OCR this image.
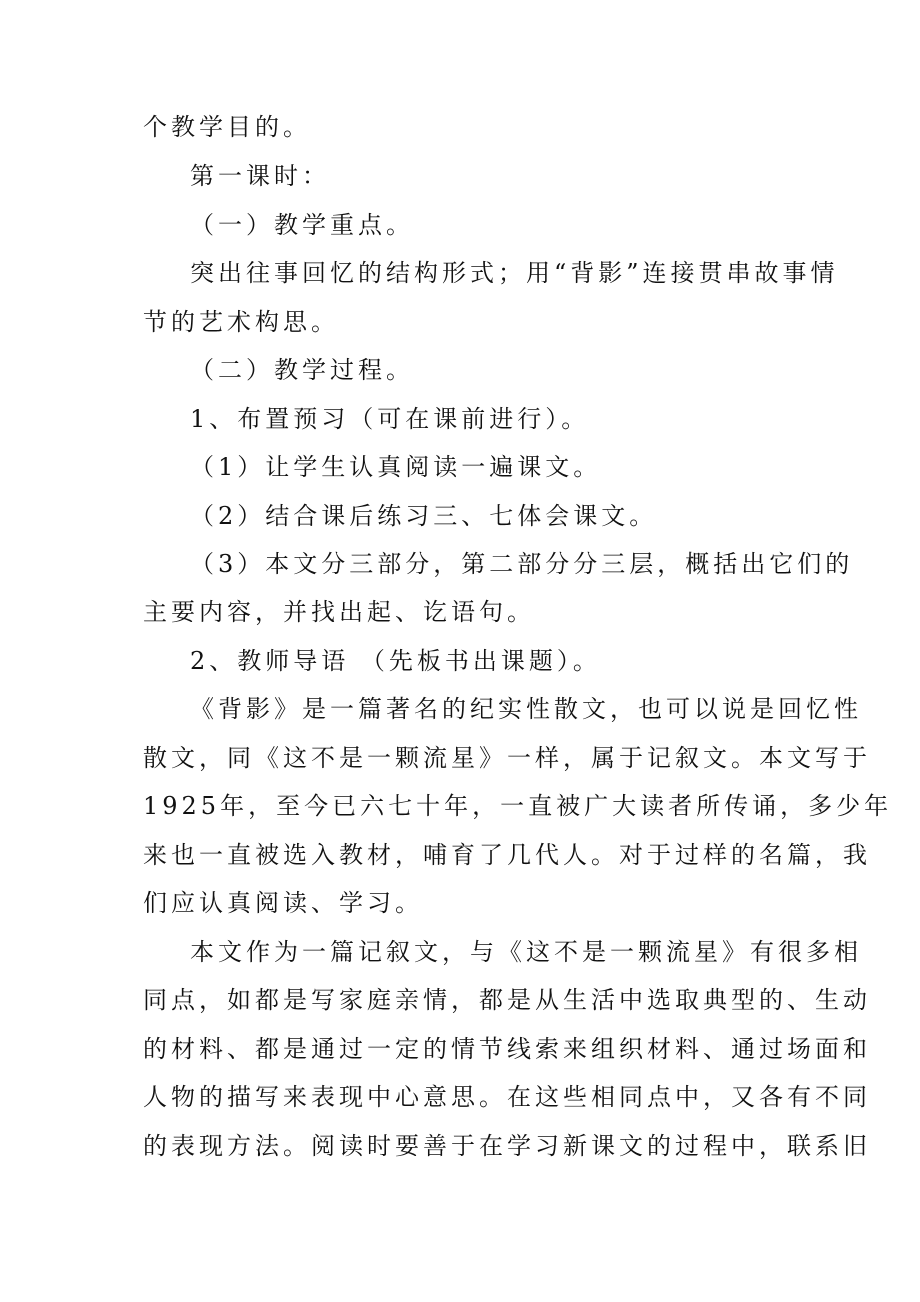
个教学目的。

第一课时：

（一）教学重点。

突出往事回忆的结构形式；用“背影”连接贯串故事情

节的艺术构思。

（二）教学过程。

1、布置预习（可在课前进行）。

（1）让学生认真阅读一遍课文。

（2）结合课后练习三、七体会课文。

（3）本文分三部分，第二部分分三层，概括出它们的

主要内容，并找出起、讫语句。

2、教师导语 （先板书出课题）。

《背影》是一篇著名的纪实性散文，也可以说是回忆性

散文，同《这不是一颗流星》一样，属于记叙文。本文写于

1925年，至今已六七十年，一直被广大读者所传诵，多少年

来也一直被选入教材，哺育了几代人。对于过样的名篇，我

们应认真阅读、学习。

本文作为一篇记叙文，与《这不是一颗流星》有很多相

同点，如都是写家庭亲情，都是从生活中选取典型的、生动

的材料、都是通过一定的情节线索来组织材料、通过场面和

人物的描写来表现中心意思。在这些相同点中，又各有不同

的表现方法。阅读时要善于在学习新课文的过程中，联系旧
